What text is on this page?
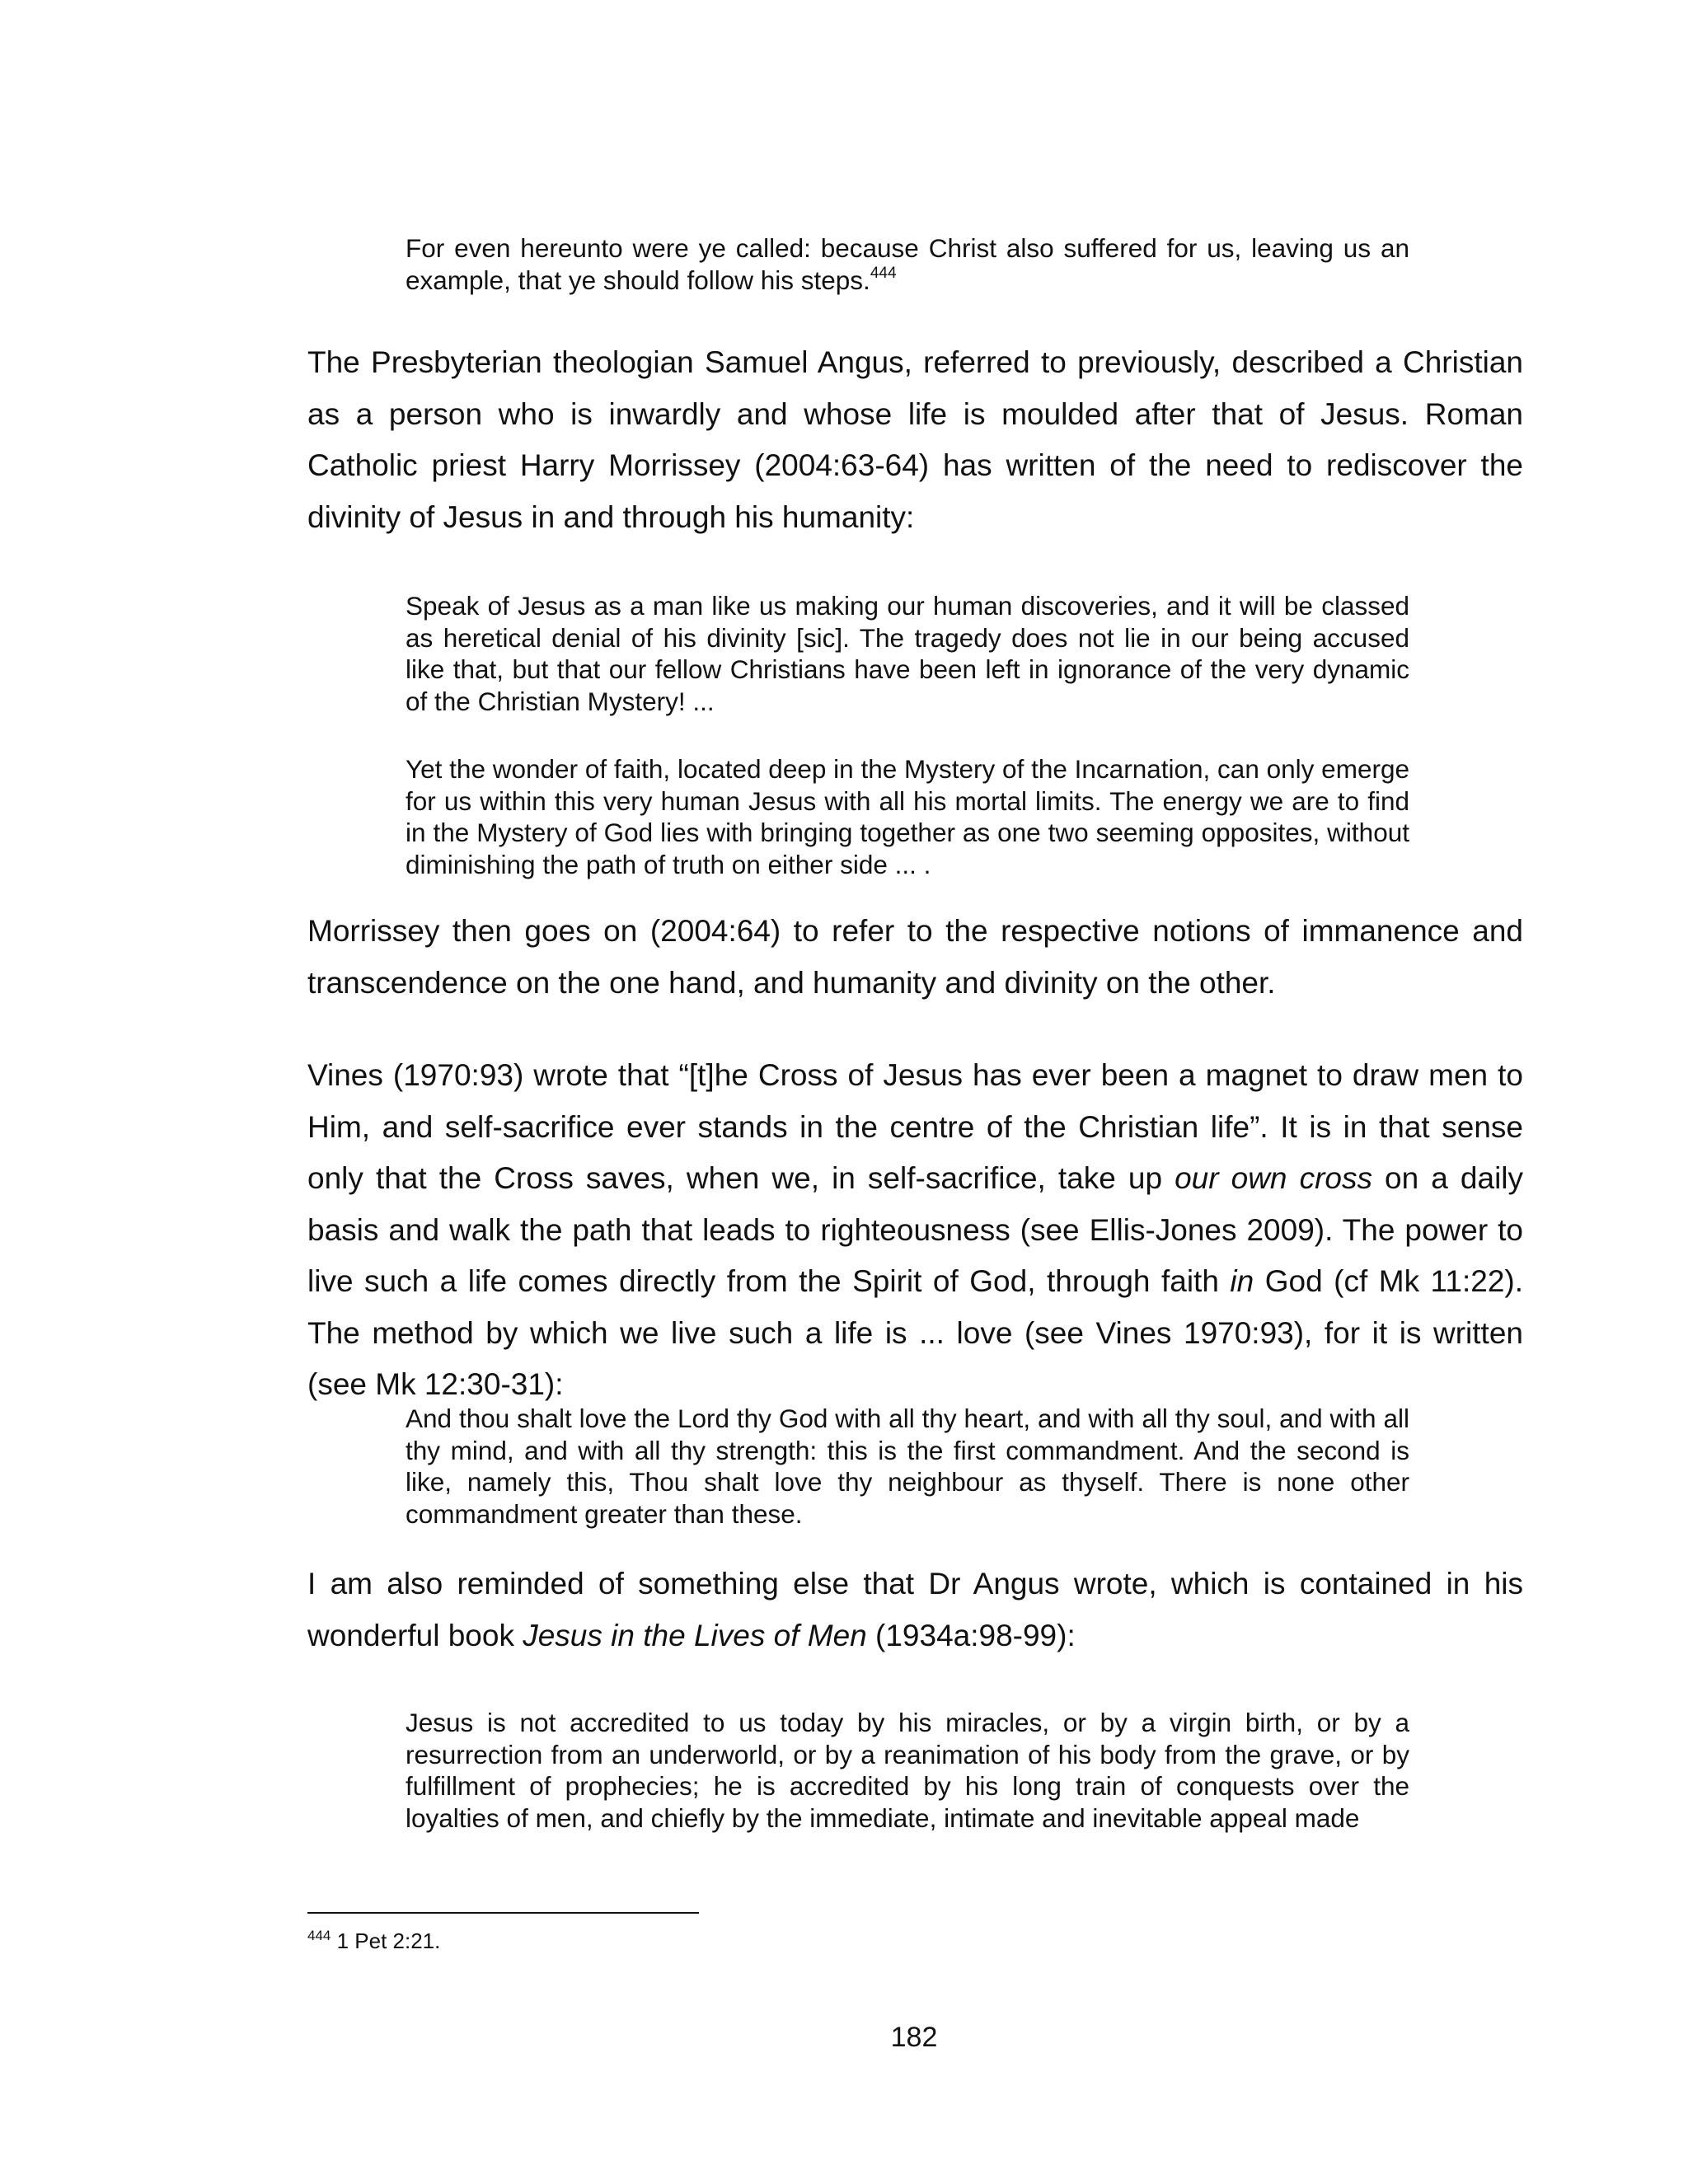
For even hereunto were ye called: because Christ also suffered for us, leaving us an example, that ye should follow his steps.$^{444}$

The Presbyterian theologian Samuel Angus, referred to previously, described a Christian as a person who is inwardly and whose life is moulded after that of Jesus. Roman Catholic priest Harry Morrissey (2004:63-64) has written of the need to rediscover the divinity of Jesus in and through his humanity:

Speak of Jesus as a man like us making our human discoveries, and it will be classed as heretical denial of his divinity [sic]. The tragedy does not lie in our being accused like that, but that our fellow Christians have been left in ignorance of the very dynamic of the Christian Mystery! ...

Yet the wonder of faith, located deep in the Mystery of the Incarnation, can only emerge for us within this very human Jesus with all his mortal limits. The energy we are to find in the Mystery of God lies with bringing together as one two seeming opposites, without diminishing the path of truth on either side ... .

Morrissey then goes on (2004:64) to refer to the respective notions of immanence and transcendence on the one hand, and humanity and divinity on the other.

Vines (1970:93) wrote that “[t]he Cross of Jesus has ever been a magnet to draw men to Him, and self-sacrifice ever stands in the centre of the Christian life”. It is in that sense only that the Cross saves, when we, in self-sacrifice, take up our own cross on a daily basis and walk the path that leads to righteousness (see Ellis-Jones 2009). The power to live such a life comes directly from the Spirit of God, through faith in God (cf Mk 11:22). The method by which we live such a life is ... love (see Vines 1970:93), for it is written (see Mk 12:30-31):

And thou shalt love the Lord thy God with all thy heart, and with all thy soul, and with all thy mind, and with all thy strength: this is the first commandment. And the second is like, namely this, Thou shalt love thy neighbour as thyself. There is none other commandment greater than these.

I am also reminded of something else that Dr Angus wrote, which is contained in his wonderful book Jesus in the Lives of Men (1934a:98-99):

Jesus is not accredited to us today by his miracles, or by a virgin birth, or by a resurrection from an underworld, or by a reanimation of his body from the grave, or by fulfillment of prophecies; he is accredited by his long train of conquests over the loyalties of men, and chiefly by the immediate, intimate and inevitable appeal made

$^{444}$ 1 Pet 2:21.

182
